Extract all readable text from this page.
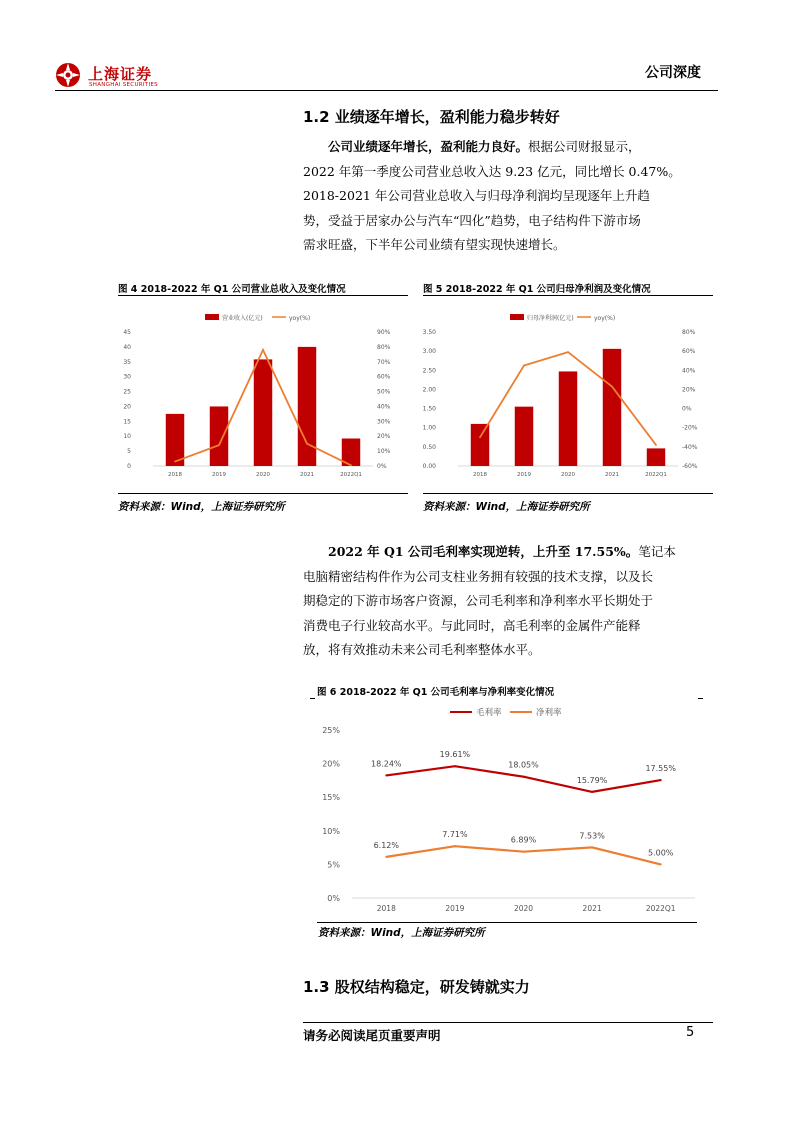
上海证券
SHANGHAI SECURITIES
公司深度
1.2 业绩逐年增长，盈利能力稳步转好
公司业绩逐年增长，盈利能力良好。根据公司财报显示，
2022 年第一季度公司营业总收入达 9.23 亿元，同比增长 0.47%。
2018-2021 年公司营业总收入与归母净利润均呈现逐年上升趋
势，受益于居家办公与汽车“四化”趋势，电子结构件下游市场
需求旺盛，下半年公司业绩有望实现快速增长。
图 4 2018-2022 年 Q1 公司营业总收入及变化情况
营业收入(亿元)	yoy(%)
0
5
10
15
20
25
30
35
40
45
0%
10%
20%
30%
40%
50%
60%
70%
80%
90%
2018	2019	2020	2021	2022Q1
资料来源：Wind，上海证券研究所
图 5 2018-2022 年 Q1 公司归母净利润及变化情况
归母净利润(亿元)	yoy(%)
0.00
0.50
1.00
1.50
2.00
2.50
3.00
3.50
-60%
-40%
-20%
0%
20%
40%
60%
80%
2018	2019	2020	2021	2022Q1
资料来源：Wind，上海证券研究所
2022 年 Q1 公司毛利率实现逆转，上升至 17.55%。笔记本
电脑精密结构件作为公司支柱业务拥有较强的技术支撑，以及长
期稳定的下游市场客户资源，公司毛利率和净利率水平长期处于
消费电子行业较高水平。与此同时，高毛利率的金属件产能释
放，将有效推动未来公司毛利率整体水平。
图 6 2018-2022 年 Q1 公司毛利率与净利率变化情况
毛利率	净利率
0%
5%
10%
15%
20%
25%
2018	2019	2020	2021	2022Q1
18.24%
19.61%
18.05%
15.79%
17.55%
6.12%
7.71%
6.89%	7.53%
5.00%
资料来源：Wind，上海证券研究所
1.3 股权结构稳定，研发铸就实力
请务必阅读尾页重要声明	5
